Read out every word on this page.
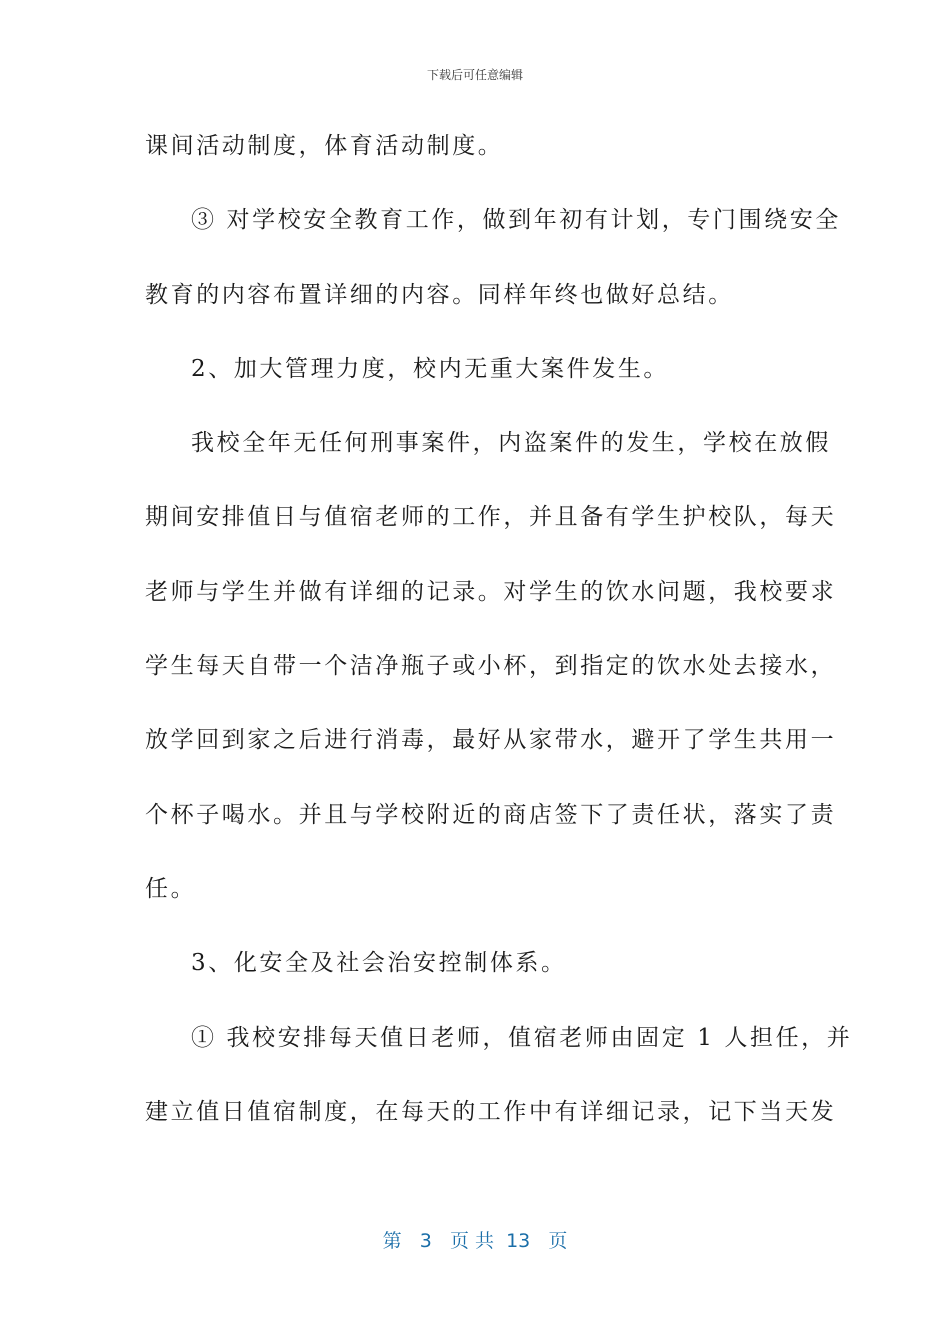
下载后可任意编辑
课间活动制度，体育活动制度。
③ 对学校安全教育工作，做到年初有计划，专门围绕安全
教育的内容布置详细的内容。同样年终也做好总结。
2、加大管理力度，校内无重大案件发生。
我校全年无任何刑事案件，内盗案件的发生，学校在放假
期间安排值日与值宿老师的工作，并且备有学生护校队，每天
老师与学生并做有详细的记录。对学生的饮水问题，我校要求
学生每天自带一个洁净瓶子或小杯，到指定的饮水处去接水，
放学回到家之后进行消毒，最好从家带水，避开了学生共用一
个杯子喝水。并且与学校附近的商店签下了责任状，落实了责
任。
3、化安全及社会治安控制体系。
① 我校安排每天值日老师，值宿老师由固定 1 人担任，并
建立值日值宿制度，在每天的工作中有详细记录，记下当天发
第   3   页 共  13   页
